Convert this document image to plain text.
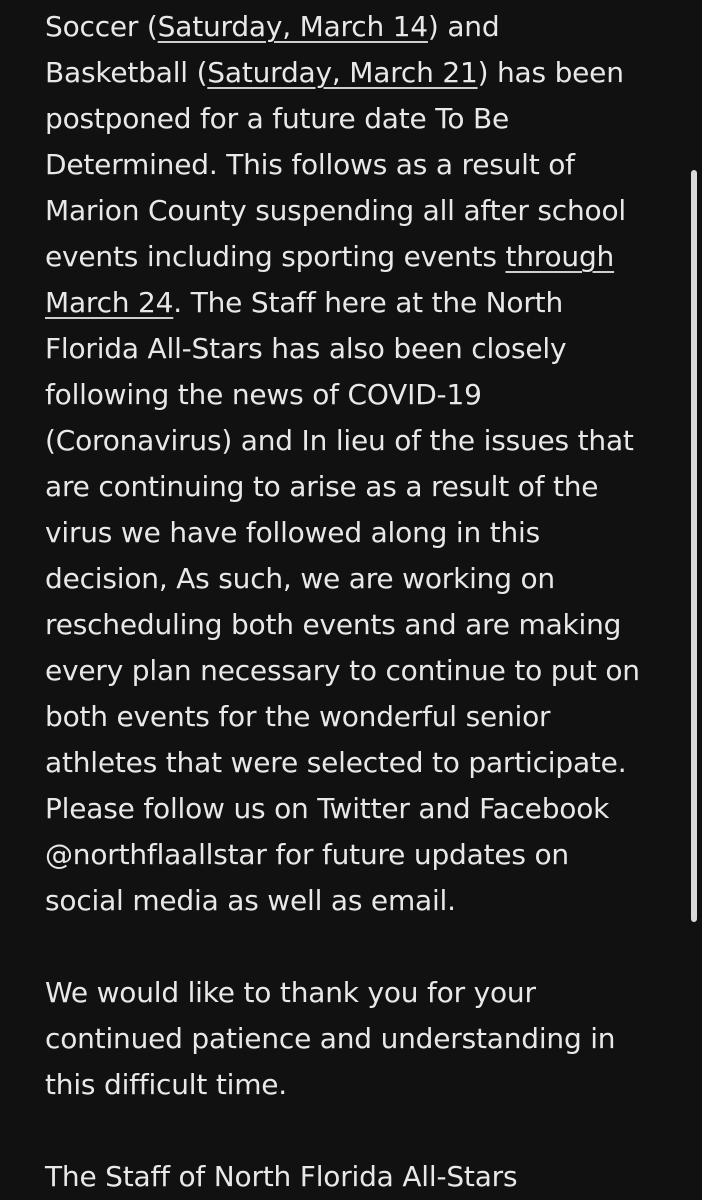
Soccer (Saturday, March 14) and
Basketball (Saturday, March 21) has been
postponed for a future date To Be
Determined. This follows as a result of
Marion County suspending all after school
events including sporting events through
March 24. The Staff here at the North
Florida All-Stars has also been closely
following the news of COVID-19
(Coronavirus) and In lieu of the issues that
are continuing to arise as a result of the
virus we have followed along in this
decision, As such, we are working on
rescheduling both events and are making
every plan necessary to continue to put on
both events for the wonderful senior
athletes that were selected to participate.
Please follow us on Twitter and Facebook
@northflaallstar for future updates on
social media as well as email.
We would like to thank you for your
continued patience and understanding in
this difficult time.
The Staff of North Florida All-Stars
